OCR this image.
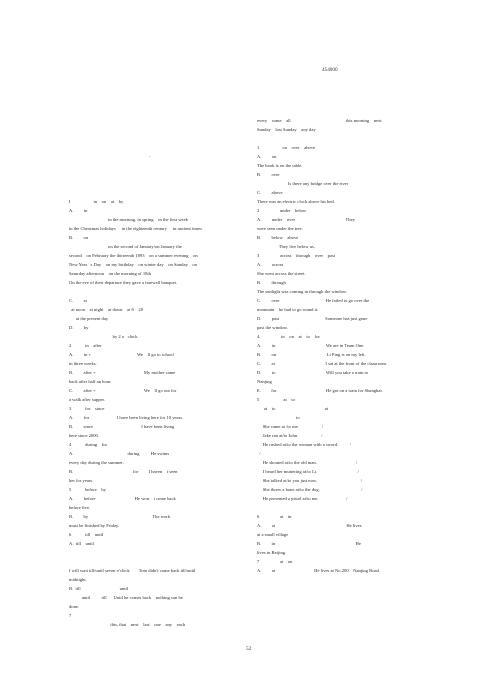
454000
'
I                    in    on    at    by
A.         in
in the morning, in spring    in the first week
in the Christmas holidays     in the eighteenth century     in ancient times
B.         on
on the second of January/on January the
second    on February the thirteenth 1893    on a summer evening    on
New Year   s Day    on my birthday    on winter day    on Sunday    on
Saturday afternoon    on the morning of 18th
On the eve of their departure they gave a farewell banquet.
C.         at
at noon    at night    at dawn    at 6    20
at the present day
D.         by
by 2 o   clock
2            in    after
A.         in +                                        We    ll go to school
in three weeks.
B.         after +                                          My mother came
back after half an hour.
C.         after +                                          We    ll go out for
a walk after supper.
3            for    since
A.         for                        I have been living here for 10 years.
B.         since                                          I have been living
here since 2000.
4            during    for
A.                                               during          He swims
every day during the summer.
B.                                                    for         I haven    t seen
her for years.
5            before    by
A.         before                                  He won    t come back
before five.
B.         by                                                        The work
must be finished by Friday.
6            till    until
A.  till    until
I will wait till/until seven o'clock        Tom didn't come back till/until
midnight.
B.  till                                  until
until          till      Until he comes back    nothing can be
done.
7
this, that    next    last    one    any    each
every    some    all                                                this morning    next
Sunday    last Sunday    any day
1                    on    over    above
A.         on
The book is on the table.
B.         over
Is there any bridge over the river
C.         above
There was an electric clock above his bed.
2                  under    below
A.         under    over                                            They
were seen under the tree.
B.         below    above
They live below us.
3                  across    through    over    past
A.         across
She went across the street.
B.         through
The sunlight was coming in through the window.
C.         over                                        He failed to go over the
mountain    he had to go round it.
D.         past                                        Someone has just gone
past the window.
4.                  in    on    at    to    for
A.         in                                            We are in Team One.
B.         on                                            Li Ping is on my left.
C.         at                                            I sat at the front of the classroom.
D.         to                                            Will you take a train to
Nanjing
E.         for                                           He got on a train for Shanghai.
5                     at    to
at    to                                           at
to
She came at /to me.                    /
Jake ran at/to John.                    /
He rushed at/to the woman with a sword.          /
/
He shouted at/to the old man.                                  /
I heard her muttering at/to Li.                                   /
She talked at/to you just now.                                      /
She threw a bone at/to the dog.                                    /
He presented a pistol at/to me.                        /
6                  at    in
A.         at                                                              He lives
at a small village
B.         in                                                                      He
lives in Beijing.
7                  at    on
A.         at                                  He lives at No.200    Nanjing Road.
52
